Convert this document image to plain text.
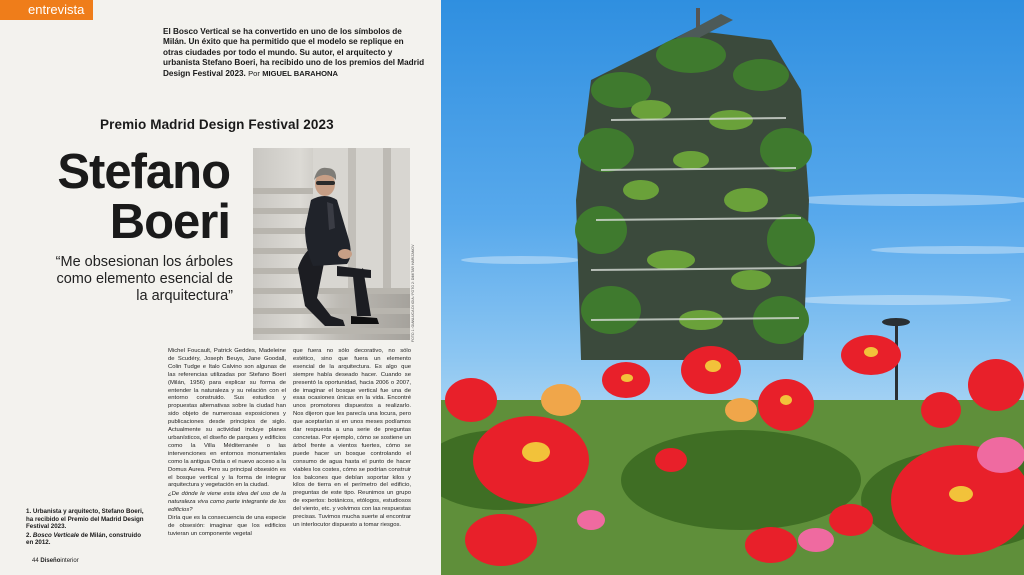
entrevista
El Bosco Vertical se ha convertido en uno de los símbolos de Milán. Un éxito que ha permitido que el modelo se replique en otras ciudades por todo el mundo. Su autor, el arquitecto y urbanista Stefano Boeri, ha recibido uno de los premios del Madrid Design Festival 2023. Por MIGUEL BARAHONA
Premio Madrid Design Festival 2023
Stefano
Boeri
“Me obsesionan los árboles como elemento esencial de la arquitectura”	FOTO 1: GIANLUCA DI IOIA / FOTO 2: DIMITAR HARIZANOV

Michel Foucault, Patrick Geddes, Madeleine de Scudéry, Joseph Beuys, Jane Goodall, Colin Tudge e Italo Calvino son algunas de las referencias utilizadas por Stefano Boeri (Milán, 1956) para explicar su forma de entender la naturaleza y su relación con el entorno construido. Sus estudios y propuestas alternativas sobre la ciudad han sido objeto de numerosas exposiciones y publicaciones desde principios de siglo. Actualmente su actividad incluye planes urbanísticos, el diseño de parques y edificios como la Villa Méditerranée o las intervenciones en entornos monumentales como la antigua Ostia o el nuevo acceso a la Domus Aurea. Pero su principal obsesión es el bosque vertical y la forma de integrar arquitectura y vegetación en la ciudad.

¿De dónde le viene esta idea del uso de la naturaleza viva como parte integrante de los edificios?

Diría que es la consecuencia de una especie de obsesión: imaginar que los edificios tuvieran un componente vegetal

que fuera no sólo decorativo, no sólo estético, sino que fuera un elemento esencial de la arquitectura. Es algo que siempre había deseado hacer. Cuando se presentó la oportunidad, hacia 2006 o 2007, de imaginar el bosque vertical fue una de esas ocasiones únicas en la vida. Encontré unos promotores dispuestos a realizarlo. Nos dijeron que les parecía una locura, pero que aceptarían si en unos meses podíamos dar respuesta a una serie de preguntas concretas. Por ejemplo, cómo se sostiene un árbol frente a vientos fuertes, cómo se puede hacer un bosque controlando el consumo de agua hasta el punto de hacer viables los costes, cómo se podrían construir los balcones que debían soportar kilos y kilos de tierra en el perímetro del edificio, preguntas de este tipo. Reunimos un grupo de expertos: botánicos, etólogos, estudiosos del viento, etc. y volvimos con las respuestas precisas. Tuvimos mucha suerte al encontrar un interlocutor dispuesto a tomar riesgos.

1. Urbanista y arquitecto, Stefano Boeri, ha recibido el Premio del Madrid Design Festival 2023.

2. Bosco Verticale de Milán, construido en 2012.

44 Diseñointerior
